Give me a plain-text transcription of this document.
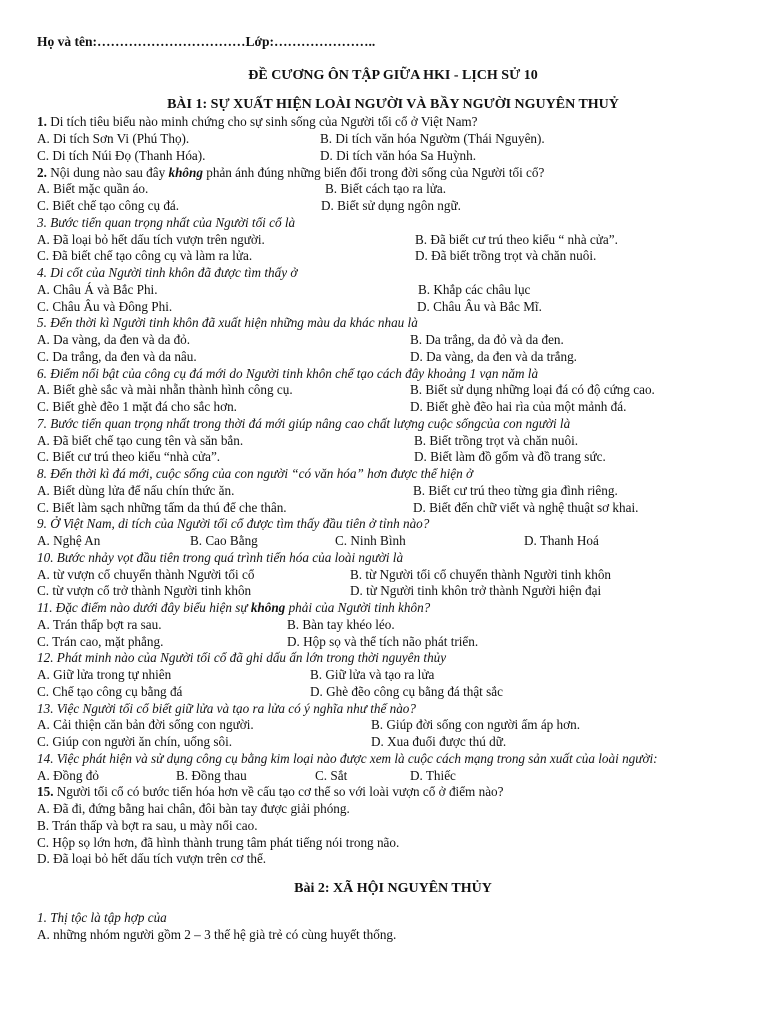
Họ và tên:……………………………Lớp:…………………..
ĐỀ CƯƠNG ÔN TẬP GIỮA HKI - LỊCH SỬ 10
BÀI 1: SỰ XUẤT HIỆN LOÀI NGƯỜI VÀ BẦY NGƯỜI NGUYÊN THUỶ
1. Di tích tiêu biểu nào minh chứng cho sự sinh sống của Người tối cổ ở Việt Nam?
A. Di tích Sơn Vi (Phú Thọ).	B. Di tích văn hóa Ngườm (Thái Nguyên).
C. Di tích Núi Đọ (Thanh Hóa).	D. Di tích văn hóa Sa Huỳnh.
2. Nội dung nào sau đây không phản ánh đúng những biến đổi trong đời sống của Người tối cổ?
A. Biết mặc quần áo.	B. Biết cách tạo ra lửa.
C. Biết chế tạo công cụ đá.	D. Biết sử dụng ngôn ngữ.
3. Bước tiến quan trọng nhất của Người tối cổ là
A. Đã loại bỏ hết dấu tích vượn trên người.	B. Đã biết cư trú theo kiểu “ nhà cửa”.
C. Đã biết chế tạo công cụ và làm ra lửa.	D. Đã biết trồng trọt và chăn nuôi.
4. Di cốt của Người tinh khôn đã được tìm thấy ở
A. Châu Á và Bắc Phi.	B. Khắp các châu lục
C. Châu Âu và Đông Phi.	D. Châu Âu và Bắc Mĩ.
5. Đến thời kì Người tinh khôn đã xuất hiện những màu da khác nhau là
A. Da vàng, da đen và da đỏ.	B. Da trắng, da đỏ và da đen.
C. Da trắng, da đen và da nâu.	D. Da vàng, da đen và da trắng.
6. Điểm nổi bật của công cụ đá mới do Người tinh khôn chế tạo cách đây khoảng 1 vạn năm là
A. Biết ghè sắc và mài nhẵn thành hình công cụ.	B. Biết sử dụng những loại đá có độ cứng cao.
C. Biết ghè đẽo 1 mặt đá cho sắc hơn.	D. Biết ghè đẽo hai rìa của một mảnh đá.
7. Bước tiến quan trọng nhất trong thời đá mới giúp nâng cao chất lượng cuộc sốngcủa con người là
A. Đã biết chế tạo cung tên và săn bắn.	B. Biết trồng trọt và chăn nuôi.
C. Biết cư trú theo kiểu “nhà cửa”.	D. Biết làm đồ gốm và đồ trang sức.
8. Đến thời kì đá mới, cuộc sống của con người “có văn hóa” hơn được thể hiện ở
A. Biết dùng lửa để nấu chín thức ăn.	B. Biết cư trú theo từng gia đình riêng.
C. Biết làm sạch những tấm da thú để che thân.	D. Biết đến chữ viết và nghệ thuật sơ khai.
9. Ở Việt Nam, di tích của Người tối cổ được tìm thấy đầu tiên ở tỉnh nào?
A. Nghệ An	B. Cao Bằng	C. Ninh Bình	D. Thanh Hoá
10. Bước nhảy vọt đầu tiên trong quá trình tiến hóa của loài người là
A. từ vượn cổ chuyển thành Người tối cổ	B. từ Người tối cổ chuyển thành Người tinh khôn
C. từ vượn cổ trở thành Người tinh khôn	D. từ Người tinh khôn trở thành Người hiện đại
11. Đặc điểm nào dưới đây biểu hiện sự không phải của Người tinh khôn?
A. Trán thấp bợt ra sau.	B. Bàn tay khéo léo.
C. Trán cao, mặt phẳng.	D. Hộp sọ và thể tích não phát triển.
12. Phát minh nào của Người tối cổ đã ghi dấu ấn lớn trong thời nguyên thủy
A. Giữ lửa trong tự nhiên	B. Giữ lửa và tạo ra lửa
C. Chế tạo công cụ bằng đá	D. Ghè đẽo công cụ bằng đá thật sắc
13. Việc Người tối cổ biết giữ lửa và tạo ra lửa có ý nghĩa như thế nào?
A. Cải thiện căn bản đời sống con người.	B. Giúp đời sống con người ấm áp hơn.
C. Giúp con người ăn chín, uống sôi.	D. Xua đuổi được thú dữ.
14. Việc phát hiện và sử dụng công cụ bằng kim loại nào được xem là cuộc cách mạng trong sản xuất của loài người:
A. Đồng đỏ	B. Đồng thau	C. Sắt	D. Thiếc
15. Người tối cổ có bước tiến hóa hơn về cấu tạo cơ thể so với loài vượn cổ ở điểm nào?
A. Đã đi, đứng bằng hai chân, đôi bàn tay được giải phóng.
B. Trán thấp và bợt ra sau, u mày nổi cao.
C. Hộp sọ lớn hơn, đã hình thành trung tâm phát tiếng nói trong não.
D. Đã loại bỏ hết dấu tích vượn trên cơ thể.
Bài 2: XÃ HỘI NGUYÊN THỦY
1. Thị tộc là tập hợp của
A. những nhóm người gồm 2 – 3 thế hệ già trẻ có cùng huyết thống.
